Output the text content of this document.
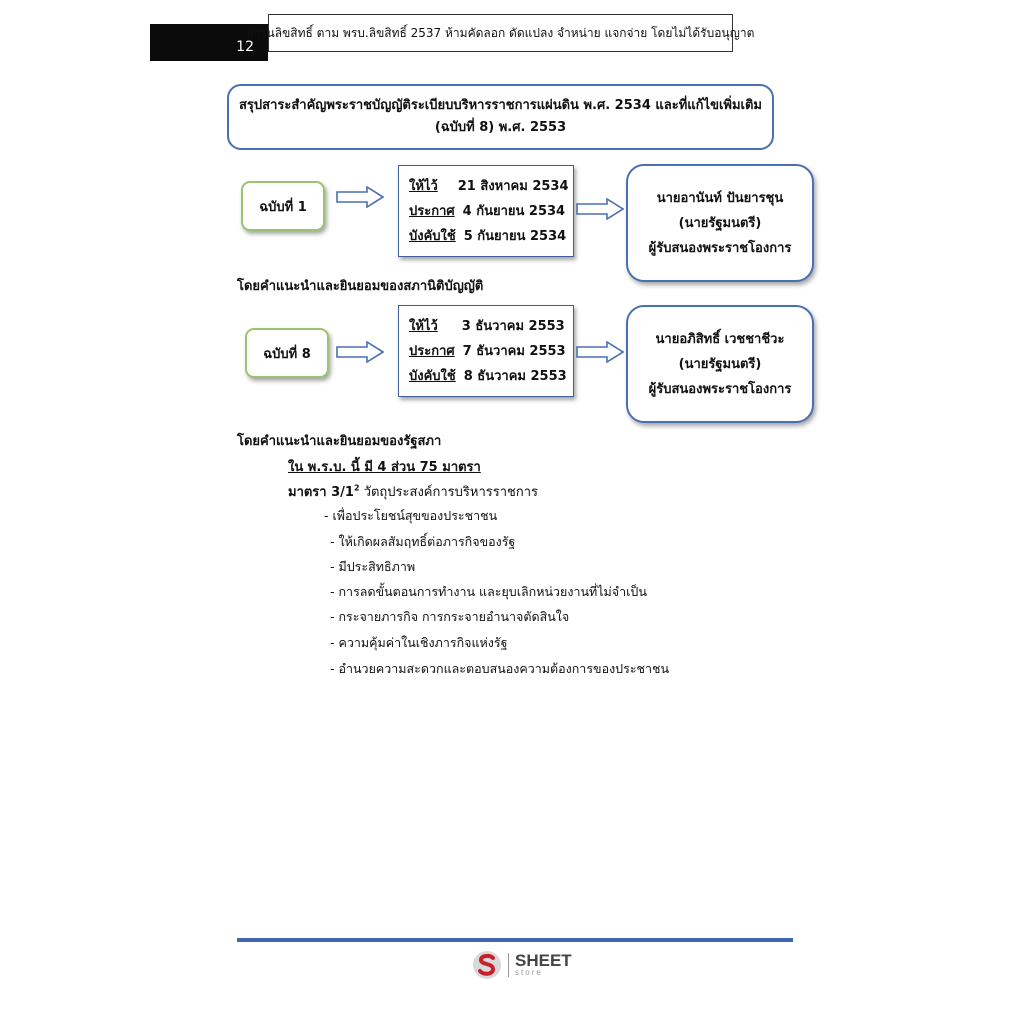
12
สงวนลิขสิทธิ์ ตาม พรบ.ลิขสิทธิ์ 2537 ห้ามคัดลอก ดัดแปลง จำหน่าย แจกจ่าย โดยไม่ได้รับอนุญาต
สรุปสาระสำคัญพระราชบัญญัติระเบียบบริหารราชการแผ่นดิน พ.ศ. 2534 และที่แก้ไขเพิ่มเติม
(ฉบับที่ 8) พ.ศ. 2553
ฉบับที่ 1
ให้ไว้ 21 สิงหาคม 2534
ประกาศ 4 กันยายน 2534
บังคับใช้ 5 กันยายน 2534
นายอานันท์ ปันยารชุน
(นายรัฐมนตรี)
ผู้รับสนองพระราชโองการ
โดยคำแนะนำและยินยอมของสภานิติบัญญัติ
ฉบับที่ 8
ให้ไว้ 3 ธันวาคม 2553
ประกาศ 7 ธันวาคม 2553
บังคับใช้ 8 ธันวาคม 2553
นายอภิสิทธิ์ เวชชาชีวะ
(นายรัฐมนตรี)
ผู้รับสนองพระราชโองการ
โดยคำแนะนำและยินยอมของรัฐสภา
ใน พ.ร.บ. นี้ มี 4 ส่วน 75 มาตรา
มาตรา $3/1^2$ วัตถุประสงค์การบริหารราชการ
- เพื่อประโยชน์สุขของประชาชน
- ให้เกิดผลสัมฤทธิ์ต่อภารกิจของรัฐ
- มีประสิทธิภาพ
- การลดขั้นตอนการทำงาน และยุบเลิกหน่วยงานที่ไม่จำเป็น
- กระจายภารกิจ การกระจายอำนาจตัดสินใจ
- ความคุ้มค่าในเชิงภารกิจแห่งรัฐ
- อำนวยความสะดวกและตอบสนองความต้องการของประชาชน
SHEET
store
